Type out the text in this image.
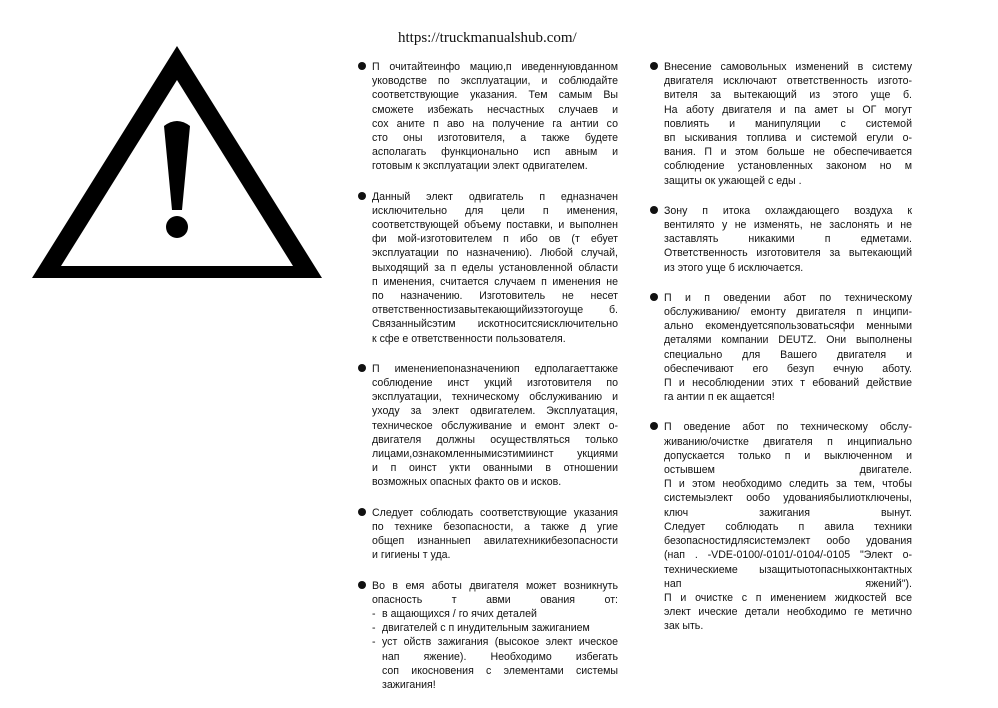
https://truckmanualshub.com/
П очитайтеинфо мацию,п иведеннуювданном
уководстве по эксплуатации, и соблюдайте
соответствующие указания. Тем самым Вы
сможете избежать несчастных случаев и
сох аните п аво на получение га антии со
сто оны изготовителя, а также будете
асполагать функционально исп авным и
готовым к эксплуатации элект одвигателем.
Данный элект одвигатель п едназначен
исключительно для цели п именения,
соответствующей объему поставки, и выполнен
фи мой-изготовителем п ибо ов (т ебует
эксплуатации по назначению). Любой случай,
выходящий за п еделы установленной области
п именения, считается случаем п именения не
по назначению. Изготовитель не несет
ответственностизавытекающийизэтогоуще б.
Связанныйсэтим искотноситсяисключительно
к сфе е ответственности пользователя.
П именениепоназначениюп едполагаеттакже
соблюдение инст укций изготовителя по
эксплуатации, техническому обслуживанию и
уходу за элект одвигателем. Эксплуатация,
техническое обслуживание и емонт элект о-
двигателя должны осуществляться только
лицами,ознакомленнымисэтимиинст укциями
и п оинст укти ованными в отношении
возможных опасных факто ов и исков.
Следует соблюдать соответствующие указания
по технике безопасности, а также д угие
общеп изнанныеп авилатехникибезопасности
и гигиены т уда.
Во в емя аботы двигателя может возникнуть
опасность т авми ования от:
- в ащающихся / го ячих деталей
- двигателей с п инудительным зажиганием
- уст ойств зажигания (высокое элект ическое
нап яжение). Необходимо избегать
соп икосновения с элементами системы
зажигания!
Внесение самовольных изменений в систему
двигателя исключают ответственность изгото-
вителя за вытекающий из этого уще б.
На аботу двигателя и па амет ы ОГ могут
повлиять и манипуляции с системой
вп ыскивания топлива и системой егули о-
вания. П и этом больше не обеспечивается
соблюдение установленных законом но м
защиты ок ужающей с еды .
Зону п итока охлаждающего воздуха к
вентилято у не изменять, не заслонять и не
заставлять никакими п едметами.
Ответственность изготовителя за вытекающий
из этого уще б исключается.
П и п оведении абот по техническому
обслуживанию/ емонту двигателя п инципи-
ально екомендуетсяпользоватьсяфи менными
деталями компании DEUTZ. Они выполнены
специально для Вашего двигателя и
обеспечивают его безуп ечную аботу.
П и несоблюдении этих т ебований действие
га антии п ек ащается!
П оведение абот по техническому обслу-
живанию/очистке двигателя п инципиально
допускается только п и выключенном и
остывшем двигателе.
П и этом необходимо следить за тем, чтобы
системыэлект ообо удованиябылиотключены,
ключ зажигания вынут.
Следует соблюдать п авила техники
безопасностидлясистемэлект ообо удования
(нап . -VDE-0100/-0101/-0104/-0105 "Элект о-
техническиеме ызащитыотопасныхконтактных
нап яжений").
П и очистке с п именением жидкостей все
элект ические детали необходимо ге метично
зак ыть.
